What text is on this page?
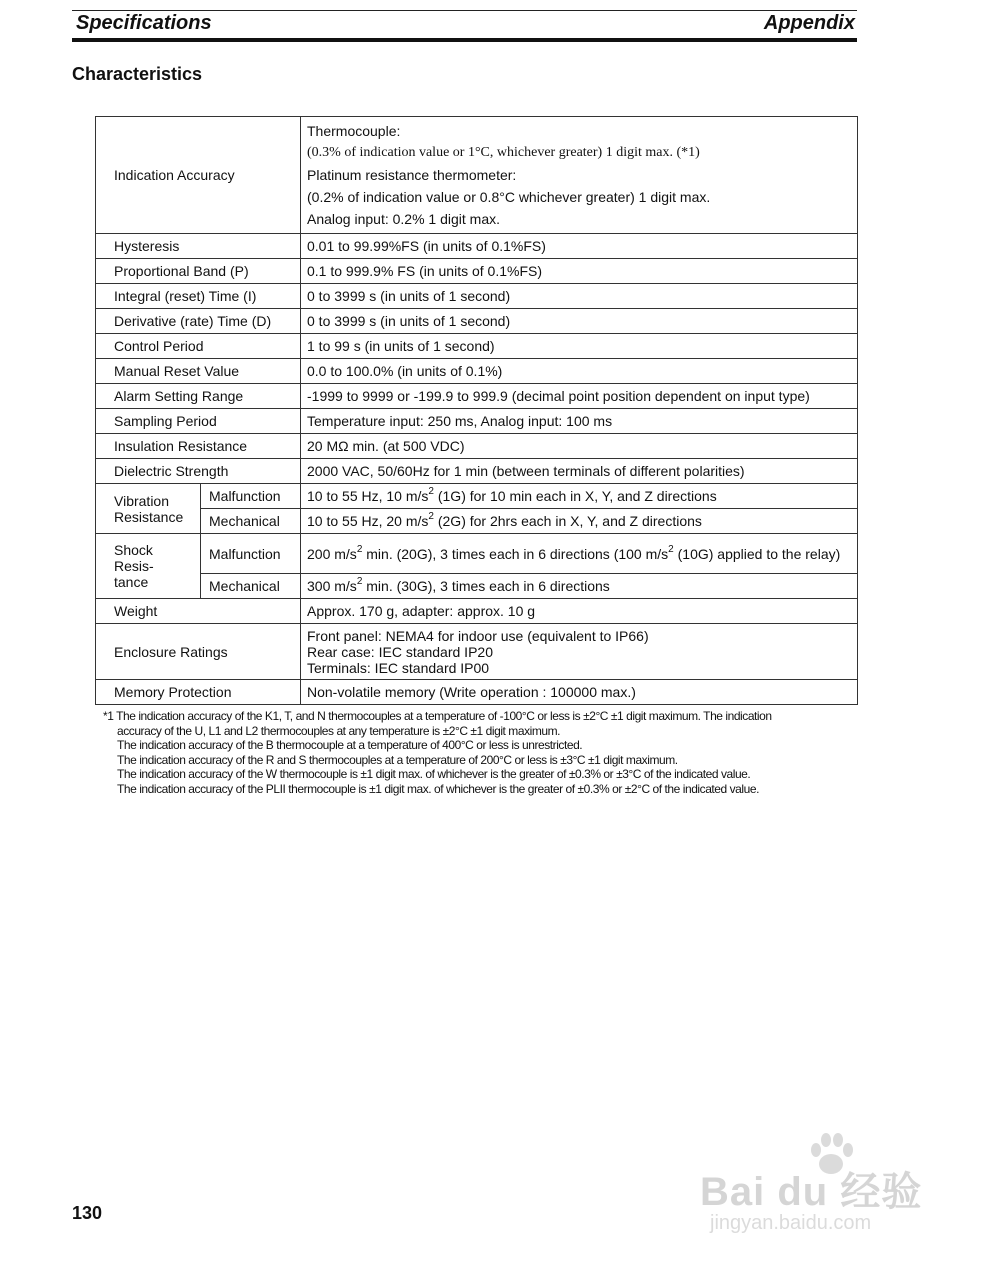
Specifications	Appendix
Characteristics
Indication Accuracy		Thermocouple:
(0.3% of indication value or 1°C, whichever greater) 1 digit max. (*1)
Platinum resistance thermometer:
(0.2% of indication value or 0.8°C whichever greater) 1 digit max.
Analog input: 0.2% 1 digit max.

Hysteresis		0.01 to 99.99%FS (in units of 0.1%FS)
Proportional Band (P)		0.1 to 999.9% FS (in units of 0.1%FS)
Integral (reset) Time (I)		0 to 3999 s (in units of 1 second)
Derivative (rate) Time (D)		0 to 3999 s (in units of 1 second)
Control Period		1 to 99 s (in units of 1 second)
Manual Reset Value		0.0 to 100.0% (in units of 0.1%)
Alarm Setting Range		-1999 to 9999 or -199.9 to 999.9 (decimal point position dependent on input type)
Sampling Period		Temperature input: 250 ms, Analog input: 100 ms
Insulation Resistance		20 MΩ min. (at 500 VDC)
Dielectric Strength		2000 VAC, 50/60Hz for 1 min (between terminals of different polarities)

Vibration
Resistance	Malfunction	10 to 55 Hz, 10 $m/s^2$ (1G) for 10 min each in X, Y, and Z directions
	Mechanical	10 to 55 Hz, 20 $m/s^2$ (2G) for 2hrs each in X, Y, and Z directions

Shock Resis-
tance	Malfunction	200 $m/s^2$ min. (20G), 3 times each in 6 directions (100 $m/s^2$ (10G) applied to the relay)
	Mechanical	300 $m/s^2$ min. (30G), 3 times each in 6 directions
Weight		Approx. 170 g, adapter: approx. 10 g
Enclosure Ratings		Front panel: NEMA4 for indoor use (equivalent to IP66)
Rear case: IEC standard IP20
Terminals: IEC standard IP00

Memory Protection		Non-volatile memory (Write operation : 100000 max.)
*1 The indication accuracy of the K1, T, and N thermocouples at a temperature of -100°C or less is ±2°C ±1 digit maximum. The indication
accuracy of the U, L1 and L2 thermocouples at any temperature is ±2°C ±1 digit maximum.
The indication accuracy of the B thermocouple at a temperature of 400°C or less is unrestricted.
The indication accuracy of the R and S thermocouples at a temperature of 200°C or less is ±3°C ±1 digit maximum.
The indication accuracy of the W thermocouple is ±1 digit max. of whichever is the greater of ±0.3% or ±3°C of the indicated value.
The indication accuracy of the PLII thermocouple is ±1 digit max. of whichever is the greater of ±0.3% or ±2°C of the indicated value.
130	Bai du 经验
jingyan.baidu.com
